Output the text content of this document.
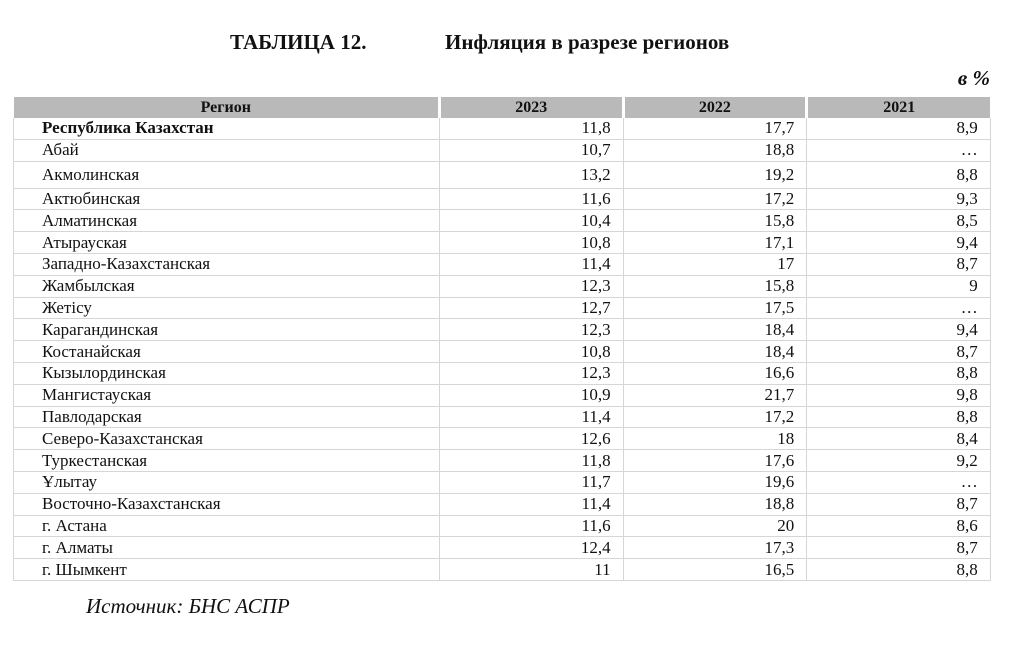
ТАБЛИЦА 12.	Инфляция в разрезе регионов
в %
Регион	2023	2022	2021
Республика Казахстан	11,8	17,7	8,9
Абай	10,7	18,8	…
Акмолинская	13,2	19,2	8,8
Актюбинская	11,6	17,2	9,3
Алматинская	10,4	15,8	8,5
Атырауская	10,8	17,1	9,4
Западно-Казахстанская	11,4	17	8,7
Жамбылская	12,3	15,8	9
Жетісу	12,7	17,5	…
Карагандинская	12,3	18,4	9,4
Костанайская	10,8	18,4	8,7
Кызылординская	12,3	16,6	8,8
Мангистауская	10,9	21,7	9,8
Павлодарская	11,4	17,2	8,8
Северо-Казахстанская	12,6	18	8,4
Туркестанская	11,8	17,6	9,2
Ұлытау	11,7	19,6	…
Восточно-Казахстанская	11,4	18,8	8,7
г. Астана	11,6	20	8,6
г. Алматы	12,4	17,3	8,7
г. Шымкент	11	16,5	8,8
Источник: БНС АСПР
